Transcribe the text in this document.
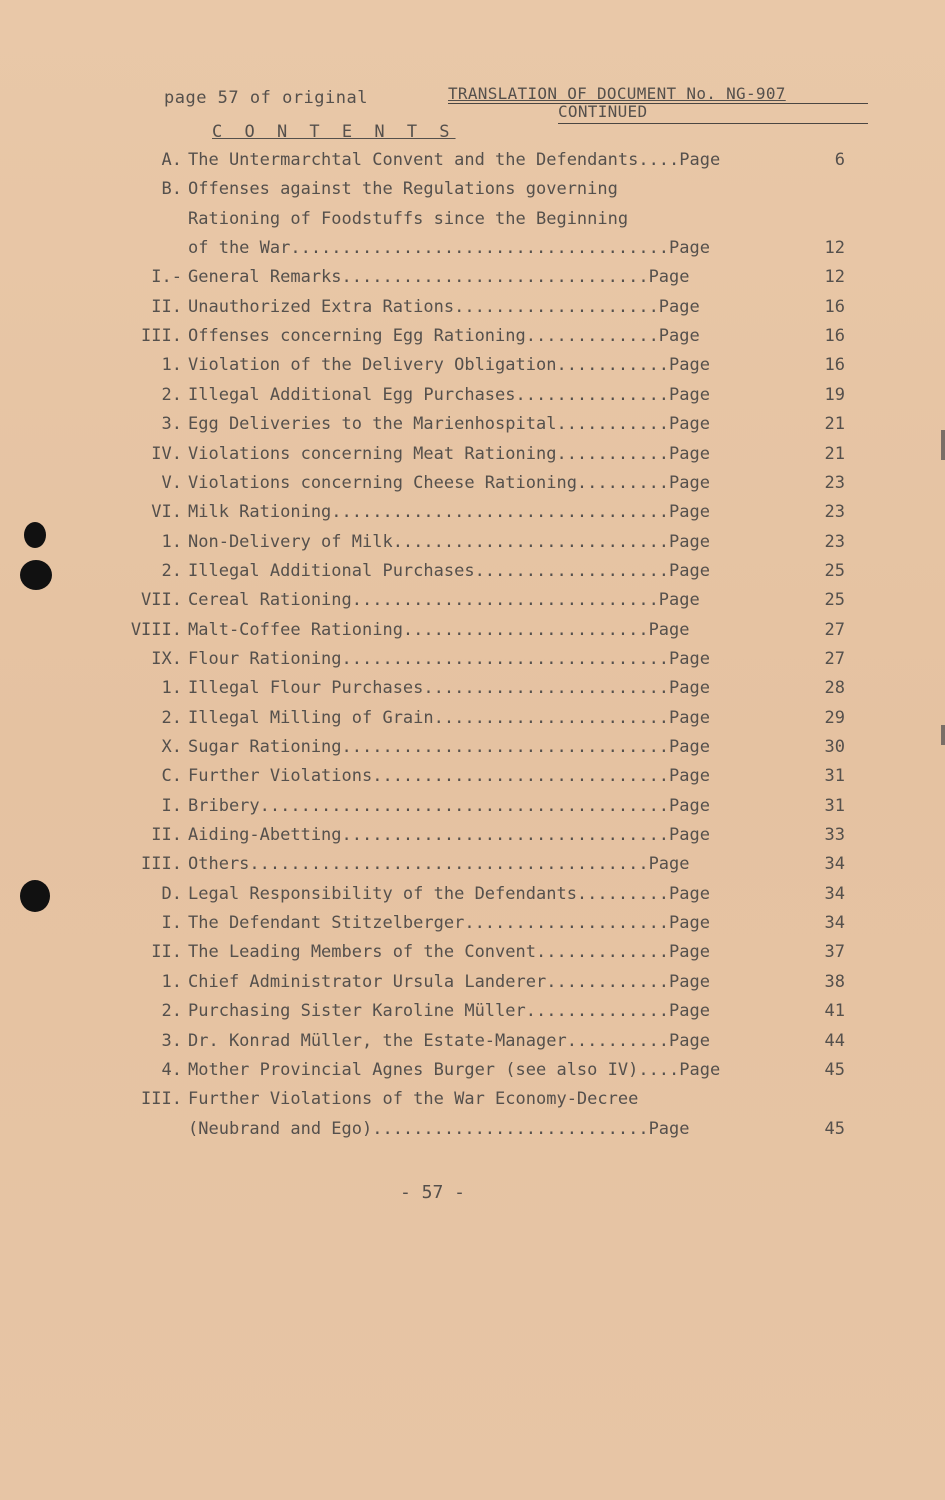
page 57 of original	TRANSLATION OF DOCUMENT No. NG-907
CONTINUED
C O N T E N T S
A. The Untermarchtal Convent and the Defendants....Page	6
B. Offenses against the Regulations governing
Rationing of Foodstuffs since the Beginning
of the War.....................................Page	12
I.- General Remarks..............................Page	12
II. Unauthorized Extra Rations....................Page	16
III. Offenses concerning Egg Rationing.............Page	16
1. Violation of the Delivery Obligation...........Page	16
2. Illegal Additional Egg Purchases...............Page	19
3. Egg Deliveries to the Marienhospital...........Page	21
IV. Violations concerning Meat Rationing...........Page	21
V. Violations concerning Cheese Rationing.........Page	23
VI. Milk Rationing.................................Page	23
1. Non-Delivery of Milk...........................Page	23
2. Illegal Additional Purchases...................Page	25
VII. Cereal Rationing..............................Page	25
VIII. Malt-Coffee Rationing........................Page	27
IX. Flour Rationing................................Page	27
1. Illegal Flour Purchases........................Page	28
2. Illegal Milling of Grain.......................Page	29
X. Sugar Rationing................................Page	30
C. Further Violations.............................Page	31
I. Bribery........................................Page	31
II. Aiding-Abetting................................Page	33
III. Others.......................................Page	34
D. Legal Responsibility of the Defendants.........Page	34
I. The Defendant Stitzelberger....................Page	34
II. The Leading Members of the Convent.............Page	37
1. Chief Administrator Ursula Landerer............Page	38
2. Purchasing Sister Karoline Müller..............Page	41
3. Dr. Konrad Müller, the Estate-Manager..........Page	44
4. Mother Provincial Agnes Burger (see also IV)....Page	45
III. Further Violations of the War Economy-Decree
(Neubrand and Ego)...........................Page	45
- 57 -
